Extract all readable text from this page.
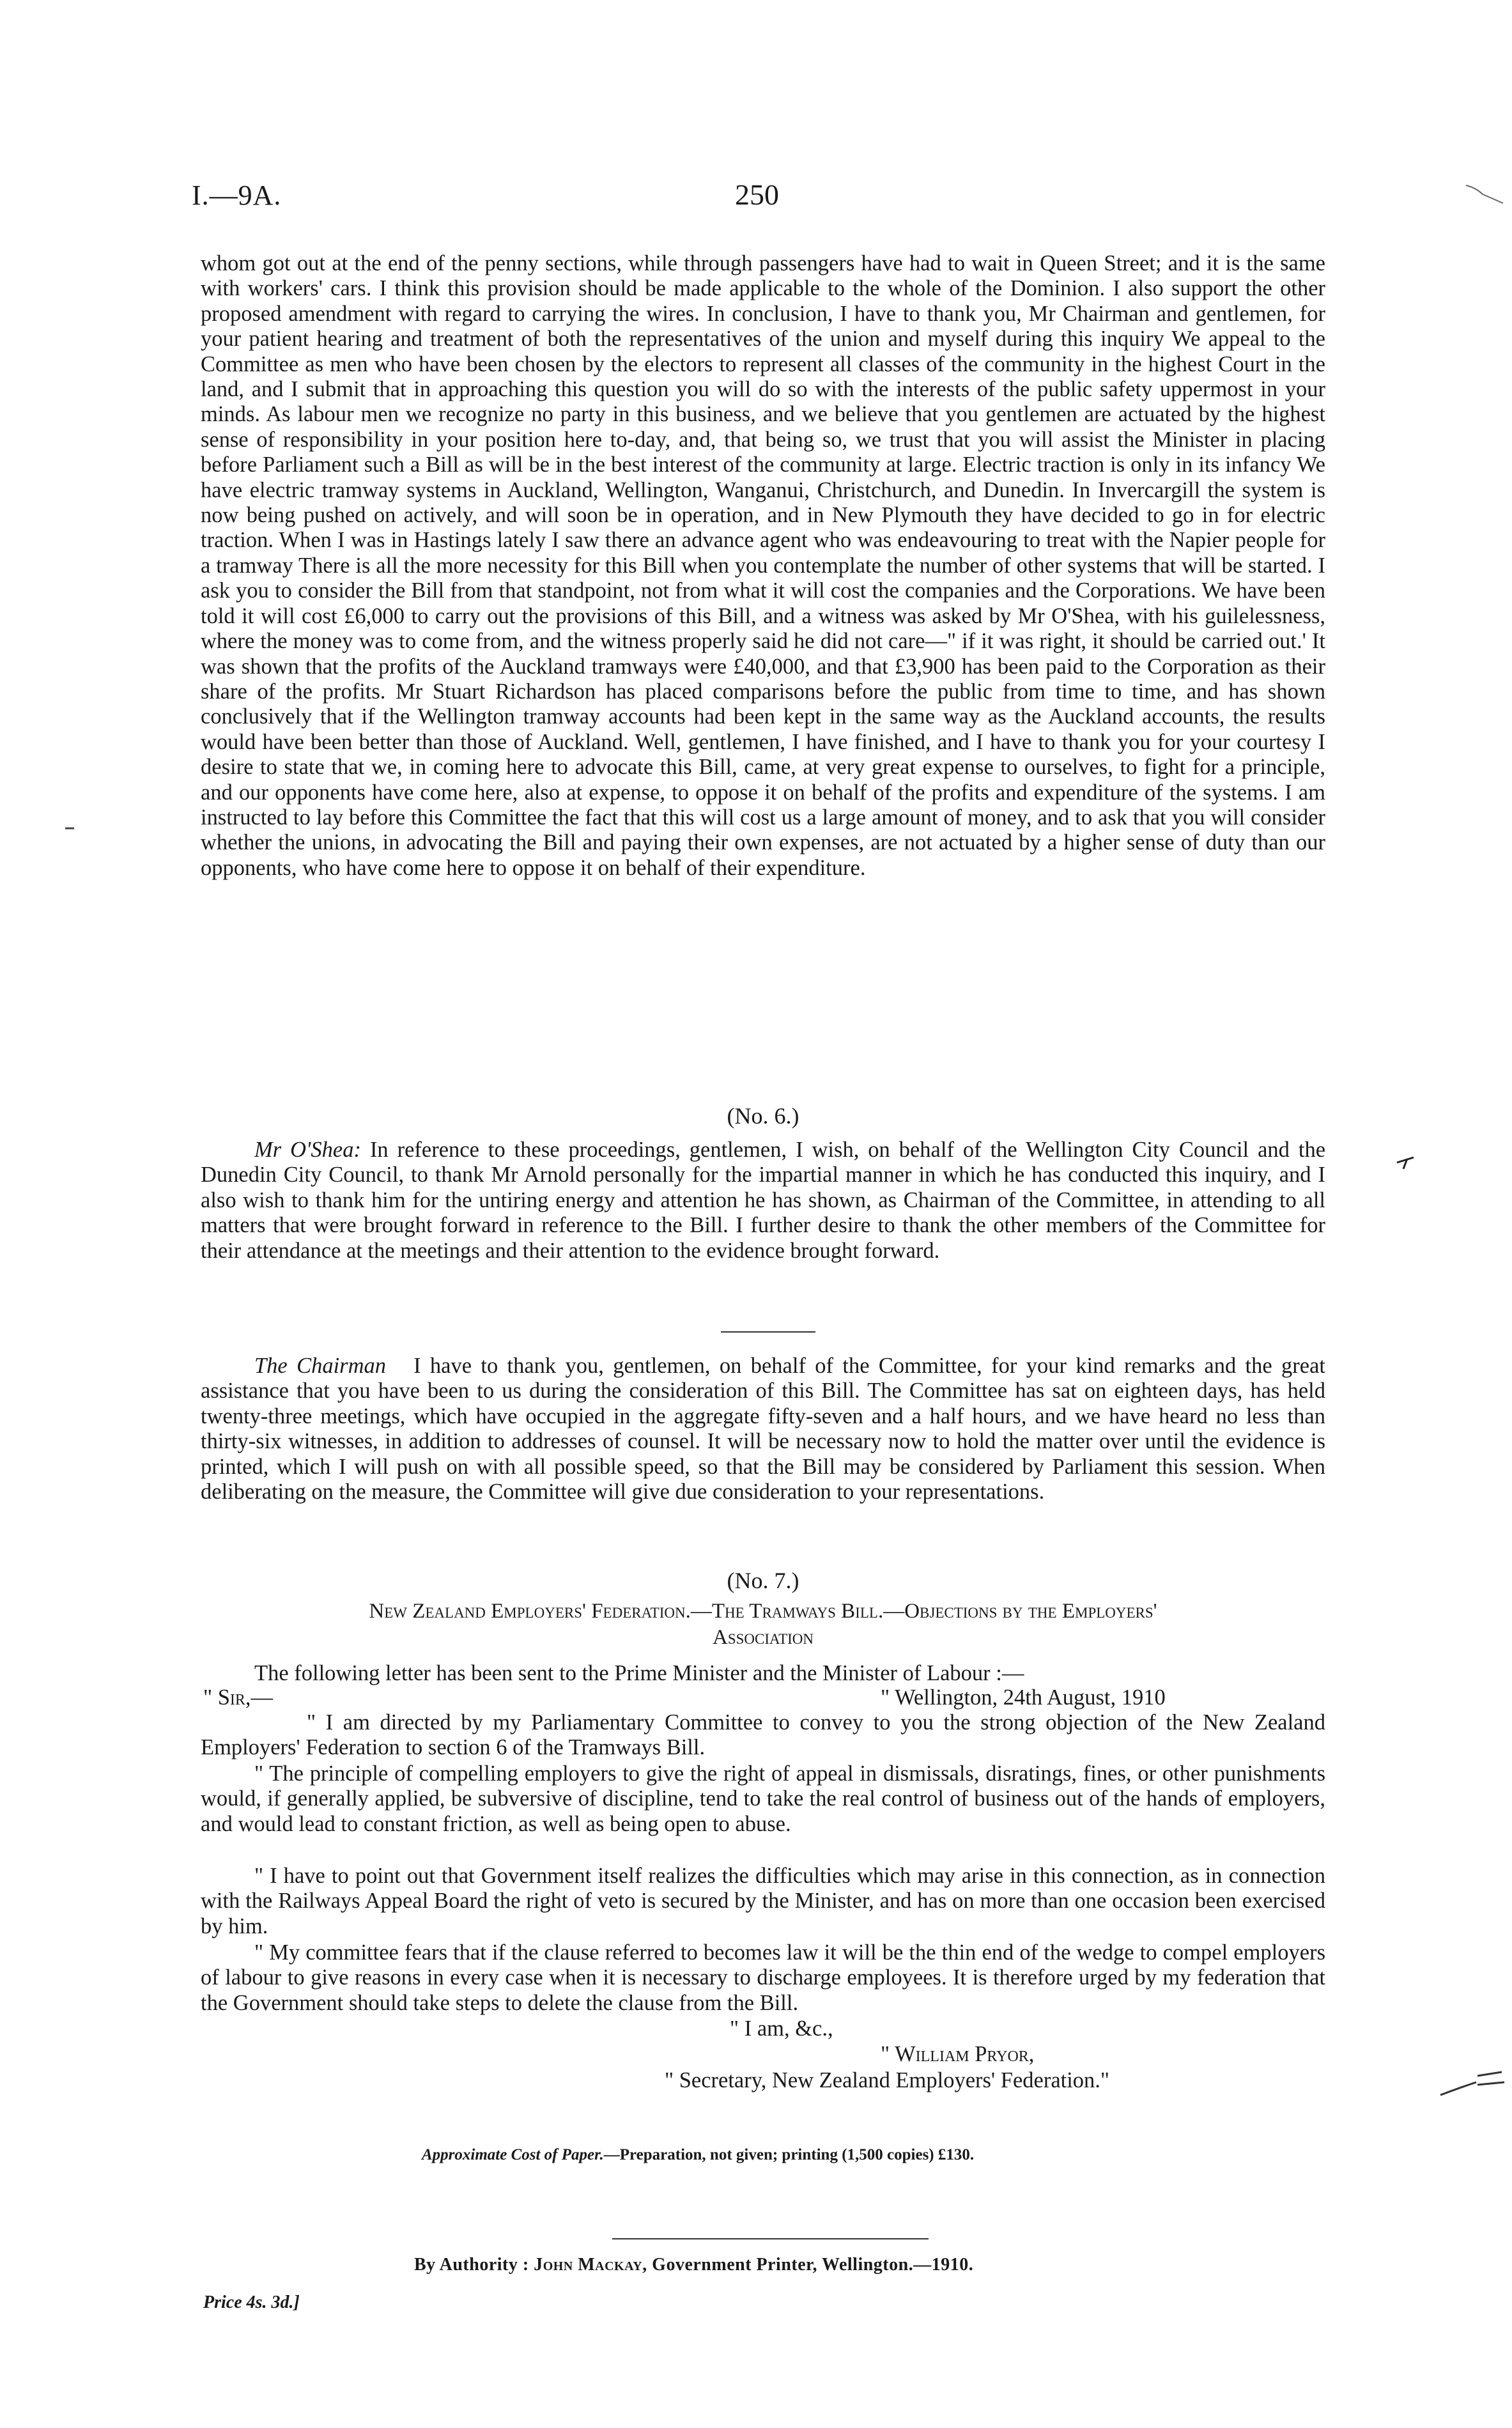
I.—9A.	250

whom got out at the end of the penny sections, while through passengers have had to wait in Queen Street; and it is the same with workers' cars. I think this provision should be made applicable to the whole of the Dominion. I also support the other proposed amendment with regard to carrying the wires. In conclusion, I have to thank you, Mr Chairman and gentlemen, for your patient hearing and treatment of both the representatives of the union and myself during this inquiry We appeal to the Committee as men who have been chosen by the electors to represent all classes of the community in the highest Court in the land, and I submit that in approaching this question you will do so with the interests of the public safety uppermost in your minds. As labour men we recognize no party in this business, and we believe that you gentlemen are actuated by the highest sense of responsibility in your position here to-day, and, that being so, we trust that you will assist the Minister in placing before Parliament such a Bill as will be in the best interest of the community at large. Electric traction is only in its infancy We have electric tramway systems in Auckland, Wellington, Wanganui, Christchurch, and Dunedin. In Invercargill the system is now being pushed on actively, and will soon be in operation, and in New Plymouth they have decided to go in for electric traction. When I was in Hastings lately I saw there an advance agent who was endeavouring to treat with the Napier people for a tramway There is all the more necessity for this Bill when you contemplate the number of other systems that will be started. I ask you to consider the Bill from that standpoint, not from what it will cost the companies and the Corporations. We have been told it will cost £6,000 to carry out the provisions of this Bill, and a witness was asked by Mr O'Shea, with his guilelessness, where the money was to come from, and the witness properly said he did not care—" if it was right, it should be carried out.' It was shown that the profits of the Auckland tramways were £40,000, and that £3,900 has been paid to the Corporation as their share of the profits. Mr Stuart Richardson has placed comparisons before the public from time to time, and has shown conclusively that if the Wellington tramway accounts had been kept in the same way as the Auckland accounts, the results would have been better than those of Auckland. Well, gentlemen, I have finished, and I have to thank you for your courtesy I desire to state that we, in coming here to advocate this Bill, came, at very great expense to ourselves, to fight for a principle, and our opponents have come here, also at expense, to oppose it on behalf of the profits and expenditure of the systems. I am instructed to lay before this Committee the fact that this will cost us a large amount of money, and to ask that you will consider whether the unions, in advocating the Bill and paying their own expenses, are not actuated by a higher sense of duty than our opponents, who have come here to oppose it on behalf of their expenditure.

(No. 6.)

Mr O'Shea: In reference to these proceedings, gentlemen, I wish, on behalf of the Wellington City Council and the Dunedin City Council, to thank Mr Arnold personally for the impartial manner in which he has conducted this inquiry, and I also wish to thank him for the untiring energy and attention he has shown, as Chairman of the Committee, in attending to all matters that were brought forward in reference to the Bill. I further desire to thank the other members of the Committee for their attendance at the meetings and their attention to the evidence brought forward.

The Chairman I have to thank you, gentlemen, on behalf of the Committee, for your kind remarks and the great assistance that you have been to us during the consideration of this Bill. The Committee has sat on eighteen days, has held twenty-three meetings, which have occupied in the aggregate fifty-seven and a half hours, and we have heard no less than thirty-six witnesses, in addition to addresses of counsel. It will be necessary now to hold the matter over until the evidence is printed, which I will push on with all possible speed, so that the Bill may be considered by Parliament this session. When deliberating on the measure, the Committee will give due consideration to your representations.

(No. 7.)
New Zealand Employers' Federation.—The Tramways Bill.—Objections by the Employers'
Association
The following letter has been sent to the Prime Minister and the Minister of Labour :—
" Sir,—	" Wellington, 24th August, 1910

" I am directed by my Parliamentary Committee to convey to you the strong objection of the New Zealand Employers' Federation to section 6 of the Tramways Bill.

" The principle of compelling employers to give the right of appeal in dismissals, disratings, fines, or other punishments would, if generally applied, be subversive of discipline, tend to take the real control of business out of the hands of employers, and would lead to constant friction, as well as being open to abuse.

" I have to point out that Government itself realizes the difficulties which may arise in this connection, as in connection with the Railways Appeal Board the right of veto is secured by the Minister, and has on more than one occasion been exercised by him.

" My committee fears that if the clause referred to becomes law it will be the thin end of the wedge to compel employers of labour to give reasons in every case when it is necessary to discharge employees. It is therefore urged by my federation that the Government should take steps to delete the clause from the Bill.

" I am, &c.,
" William Pryor,
" Secretary, New Zealand Employers' Federation."
Approximate Cost of Paper.—Preparation, not given; printing (1,500 copies) £130.
By Authority : John Mackay, Government Printer, Wellington.—1910.
Price 4s. 3d.]
